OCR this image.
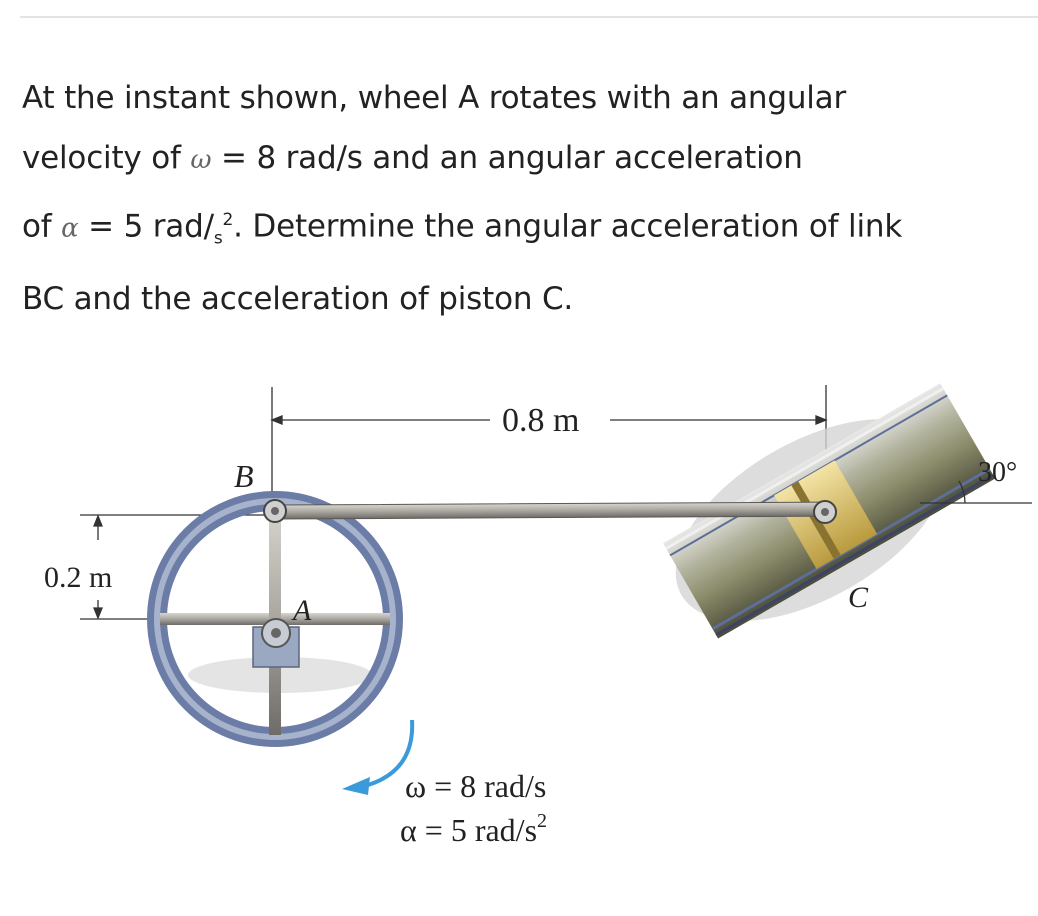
At the instant shown, wheel A rotates with an angular
velocity of ω = 8 rad/s and an angular acceleration
of α = 5 rad/$_s^2$. Determine the angular acceleration of link
BC and the acceleration of piston C.
0.8 m
0.2 m
C
30°
A
B
ω = 8 rad/s
α = 5 rad/$s^2$
